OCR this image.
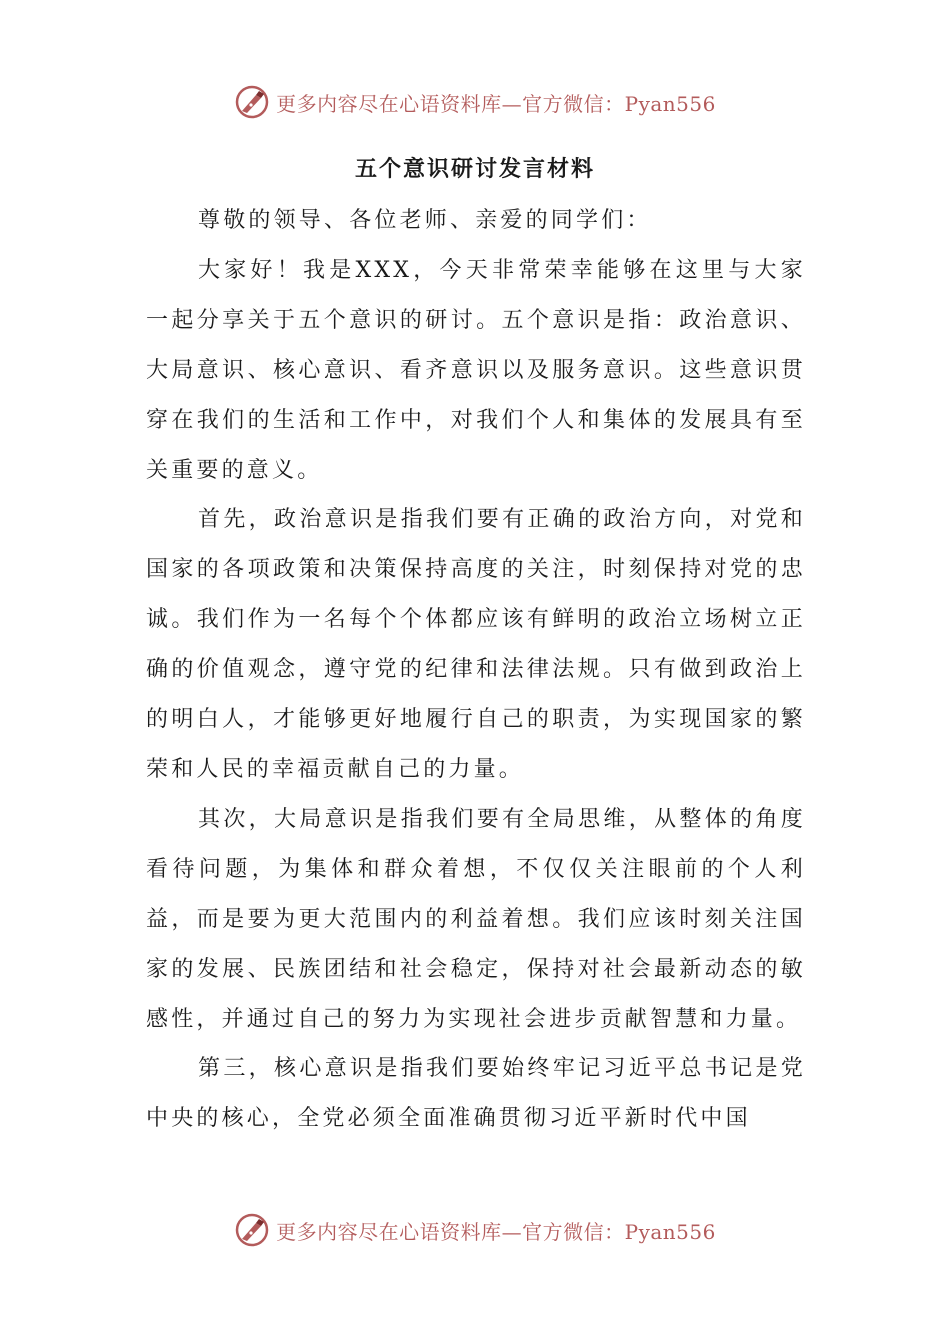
更多内容尽在心语资料库—官方微信：Pyan556
五个意识研讨发言材料

尊敬的领导、各位老师、亲爱的同学们：

大家好！我是XXX，今天非常荣幸能够在这里与大家一起分享关于五个意识的研讨。五个意识是指：政治意识、大局意识、核心意识、看齐意识以及服务意识。这些意识贯穿在我们的生活和工作中，对我们个人和集体的发展具有至关重要的意义。

首先，政治意识是指我们要有正确的政治方向，对党和国家的各项政策和决策保持高度的关注，时刻保持对党的忠诚。我们作为一名每个个体都应该有鲜明的政治立场树立正确的价值观念，遵守党的纪律和法律法规。只有做到政治上的明白人，才能够更好地履行自己的职责，为实现国家的繁荣和人民的幸福贡献自己的力量。

其次，大局意识是指我们要有全局思维，从整体的角度看待问题，为集体和群众着想，不仅仅关注眼前的个人利益，而是要为更大范围内的利益着想。我们应该时刻关注国家的发展、民族团结和社会稳定，保持对社会最新动态的敏感性，并通过自己的努力为实现社会进步贡献智慧和力量。

第三，核心意识是指我们要始终牢记习近平总书记是党中央的核心，全党必须全面准确贯彻习近平新时代中国

更多内容尽在心语资料库—官方微信：Pyan556
